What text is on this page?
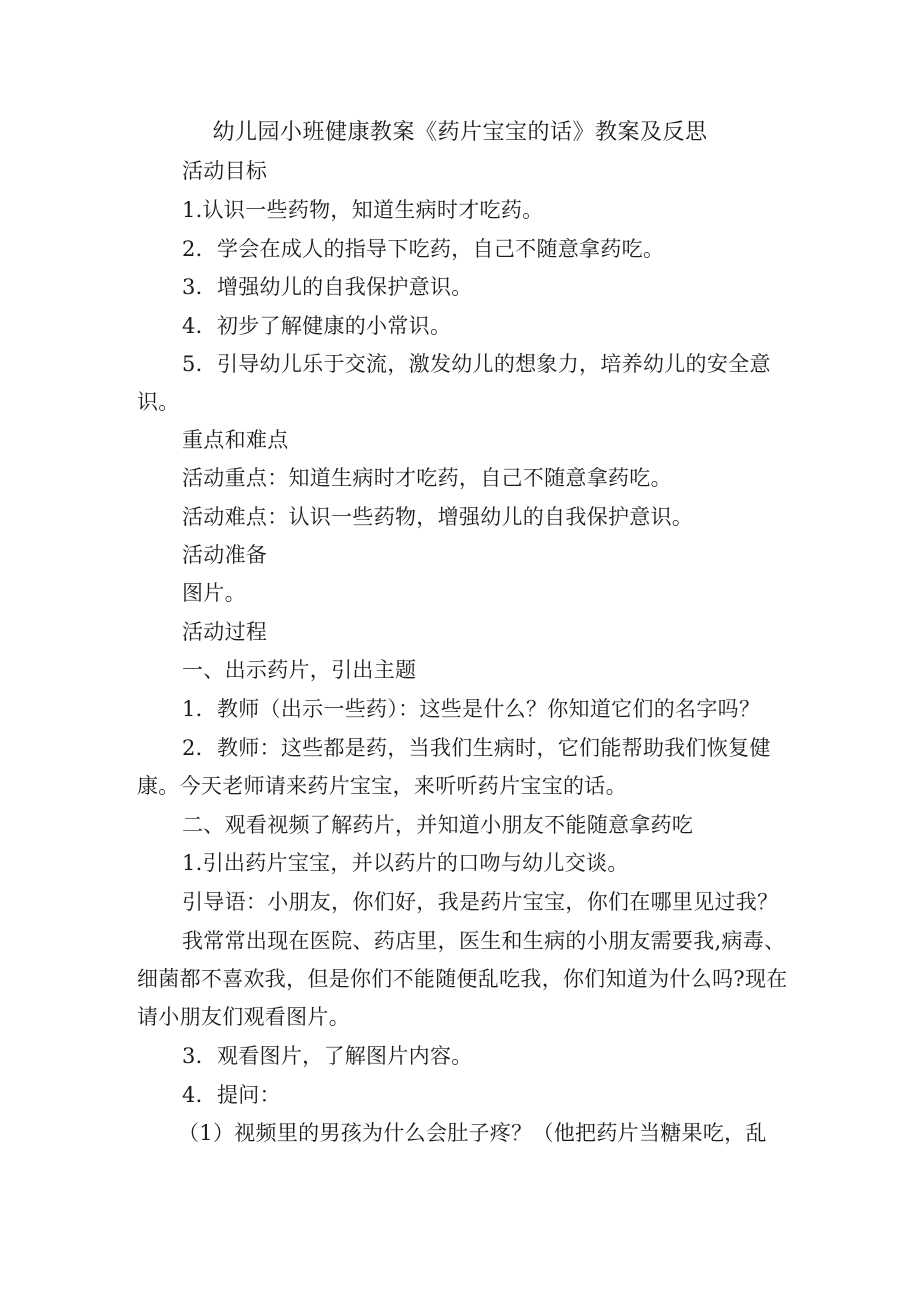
幼儿园小班健康教案《药片宝宝的话》教案及反思
活动目标
1.认识一些药物，知道生病时才吃药。
2．学会在成人的指导下吃药，自己不随意拿药吃。
3．增强幼儿的自我保护意识。
4．初步了解健康的小常识。
5．引导幼儿乐于交流，激发幼儿的想象力，培养幼儿的安全意
识。
重点和难点
活动重点：知道生病时才吃药，自己不随意拿药吃。
活动难点：认识一些药物，增强幼儿的自我保护意识。
活动准备
图片。
活动过程
一、出示药片，引出主题
1．教师（出示一些药）：这些是什么？你知道它们的名字吗？
2．教师：这些都是药，当我们生病时，它们能帮助我们恢复健
康。今天老师请来药片宝宝，来听听药片宝宝的话。
二、观看视频了解药片，并知道小朋友不能随意拿药吃
1.引出药片宝宝，并以药片的口吻与幼儿交谈。
引导语：小朋友，你们好，我是药片宝宝，你们在哪里见过我？
我常常出现在医院、药店里，医生和生病的小朋友需要我,病毒、
细菌都不喜欢我，但是你们不能随便乱吃我，你们知道为什么吗?现在
请小朋友们观看图片。
3．观看图片，了解图片内容。
4．提问：
（1）视频里的男孩为什么会肚子疼？（他把药片当糖果吃，乱
